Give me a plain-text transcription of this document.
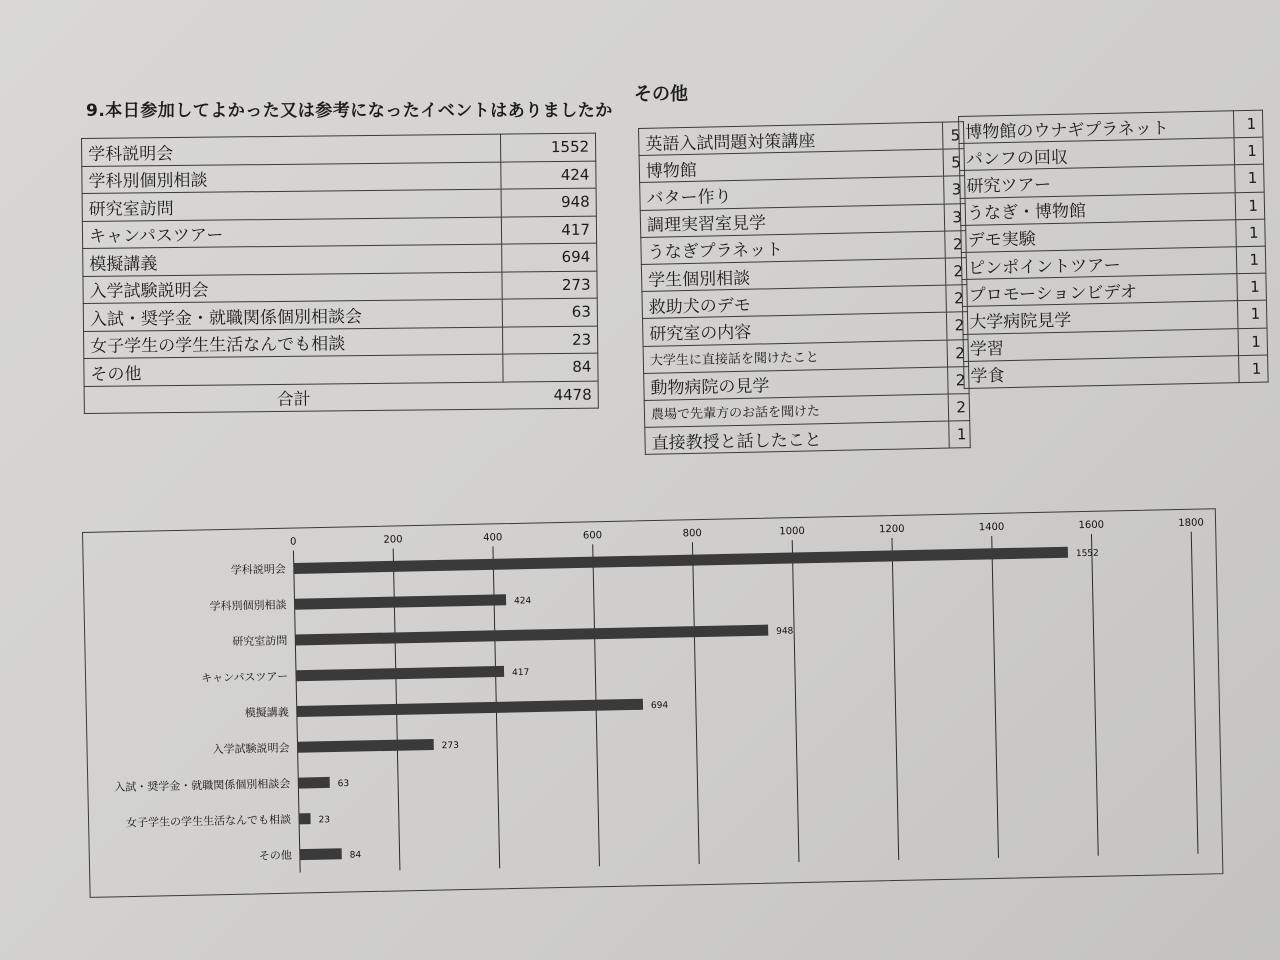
9.本日参加してよかった又は参考になったイベントはありましたか
その他
学科説明会	1552
学科別個別相談	424
研究室訪問	948
キャンパスツアー	417
模擬講義	694
入学試験説明会	273
入試・奨学金・就職関係個別相談会	63
女子学生の学生生活なんでも相談	23
その他	84
合計	4478
英語入試問題対策講座	5
博物館	5
バター作り	3
調理実習室見学	3
うなぎプラネット	2
学生個別相談	2
救助犬のデモ	2
研究室の内容	2
大学生に直接話を聞けたこと	2
動物病院の見学	2
農場で先輩方のお話を聞けた	2
直接教授と話したこと	1
博物館のウナギプラネット	1
パンフの回収	1
研究ツアー	1
うなぎ・博物館	1
デモ実験	1
ピンポイントツアー	1
プロモーションビデオ	1
大学病院見学	1
学習	1
学食	1
0	200	400	600	800	1000	1200	1400	1600	1800
学科説明会
1552
学科別個別相談	424
研究室訪問
948
キャンパスツアー	417
模擬講義	694
入学試験説明会	273
入試・奨学金・就職関係個別相談会	63
女子学生の学生生活なんでも相談	23
その他	84
